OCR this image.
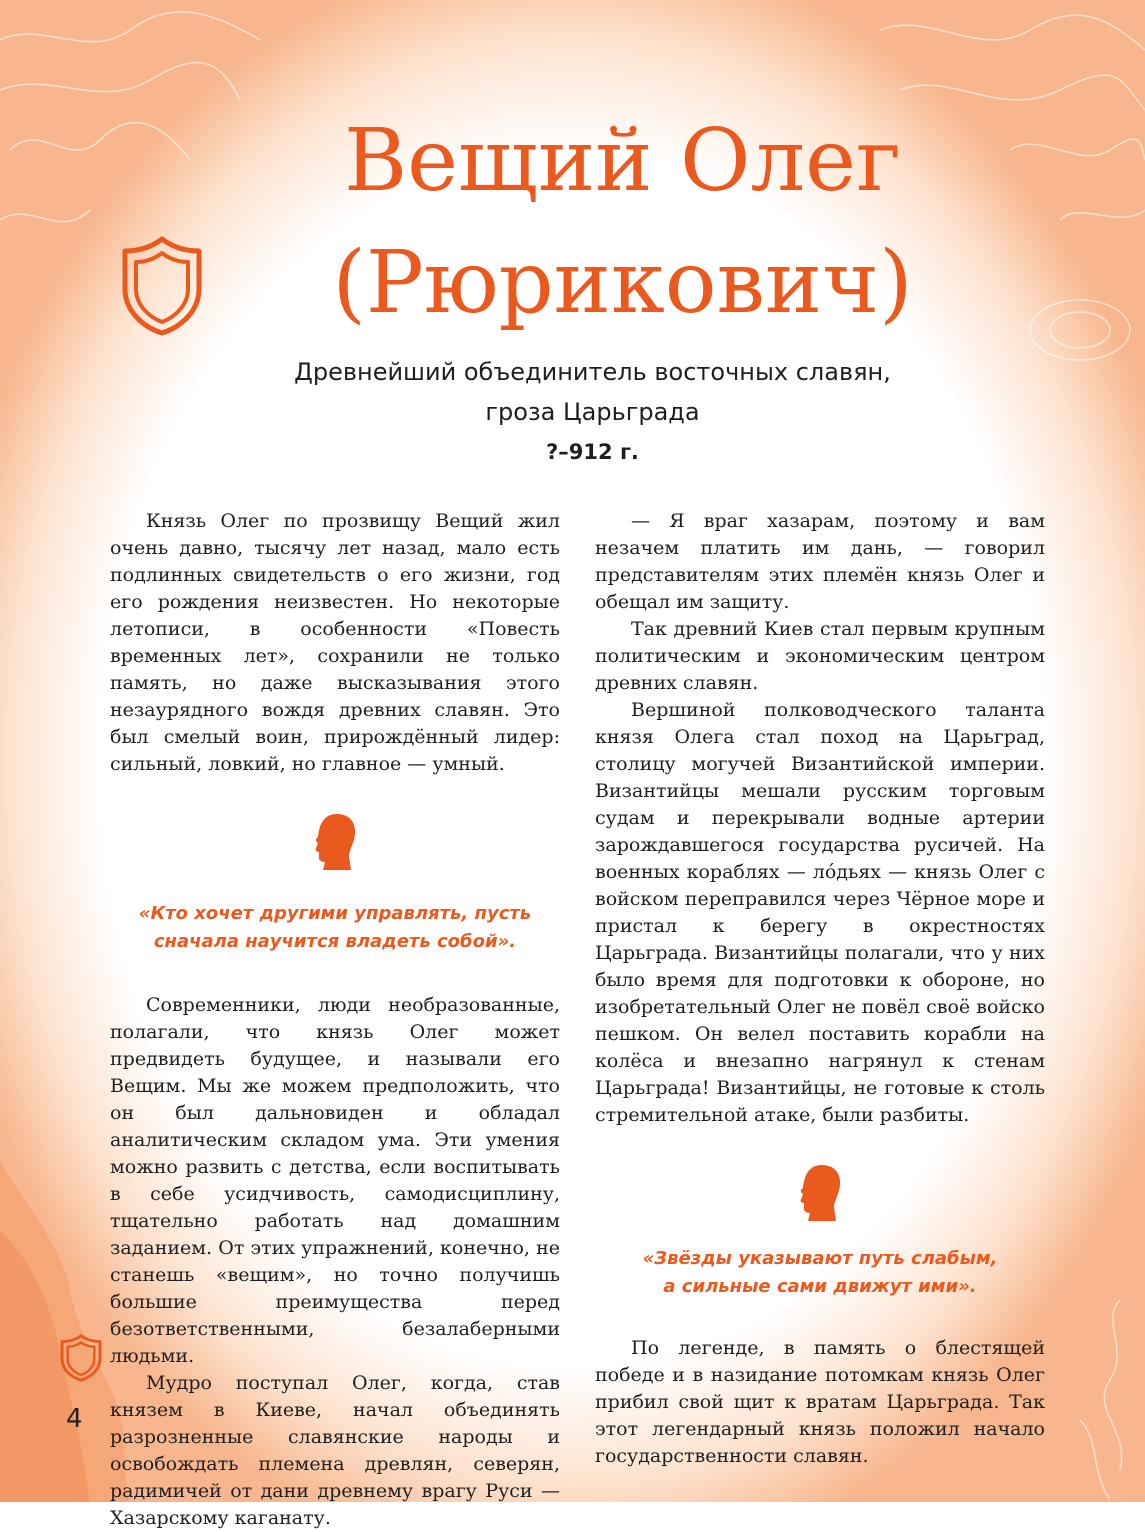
Вещий Олег
(Рюрикович)
Древнейший объединитель восточных славян,
гроза Царьграда
?–912 г.

Князь Олег по прозвищу Вещий жил очень давно, тысячу лет назад, мало есть подлинных свидетельств о его жизни, год его рождения неизвестен. Но некоторые летописи, в особенности «Повесть временных лет», сохранили не только память, но даже высказывания этого незаурядного вождя древних славян. Это был смелый воин, прирождённый лидер: сильный, ловкий, но главное — умный.

«Кто хочет другими управлять, пусть
сначала научится владеть собой».

Современники, люди необразованные, полагали, что князь Олег может предвидеть будущее, и называли его Вещим. Мы же можем предположить, что он был дальновиден и обладал аналитическим складом ума. Эти умения можно развить с детства, если воспитывать в себе усидчивость, самодисциплину, тщательно работать над домашним заданием. От этих упражнений, конечно, не станешь «вещим», но точно получишь большие преимущества перед безответственными, безалаберными людьми.

Мудро поступал Олег, когда, став князем в Киеве, начал объединять разрозненные славянские народы и освобождать племена древлян, северян, радимичей от дани древнему врагу Руси — Хазарскому каганату.

— Я враг хазарам, поэтому и вам незачем платить им дань, — говорил представителям этих племён князь Олег и обещал им защиту.

Так древний Киев стал первым крупным политическим и экономическим центром древних славян.

Вершиной полководческого таланта князя Олега стал поход на Царьград, столицу могучей Византийской империи. Византийцы мешали русским торговым судам и перекрывали водные артерии зарождавшегося государства русичей. На военных кораблях — ло́дьях — князь Олег с войском переправился через Чёрное море и пристал к берегу в окрестностях Царьграда. Византийцы полагали, что у них было время для подготовки к обороне, но изобретательный Олег не повёл своё войско пешком. Он велел поставить корабли на колёса и внезапно нагрянул к стенам Царьграда! Византийцы, не готовые к столь стремительной атаке, были разбиты.

«Звёзды указывают путь слабым,
а сильные сами движут ими».

По легенде, в память о блестящей победе и в назидание потомкам князь Олег прибил свой щит к вратам Царьграда. Так этот легендарный князь положил начало государственности славян.

4
